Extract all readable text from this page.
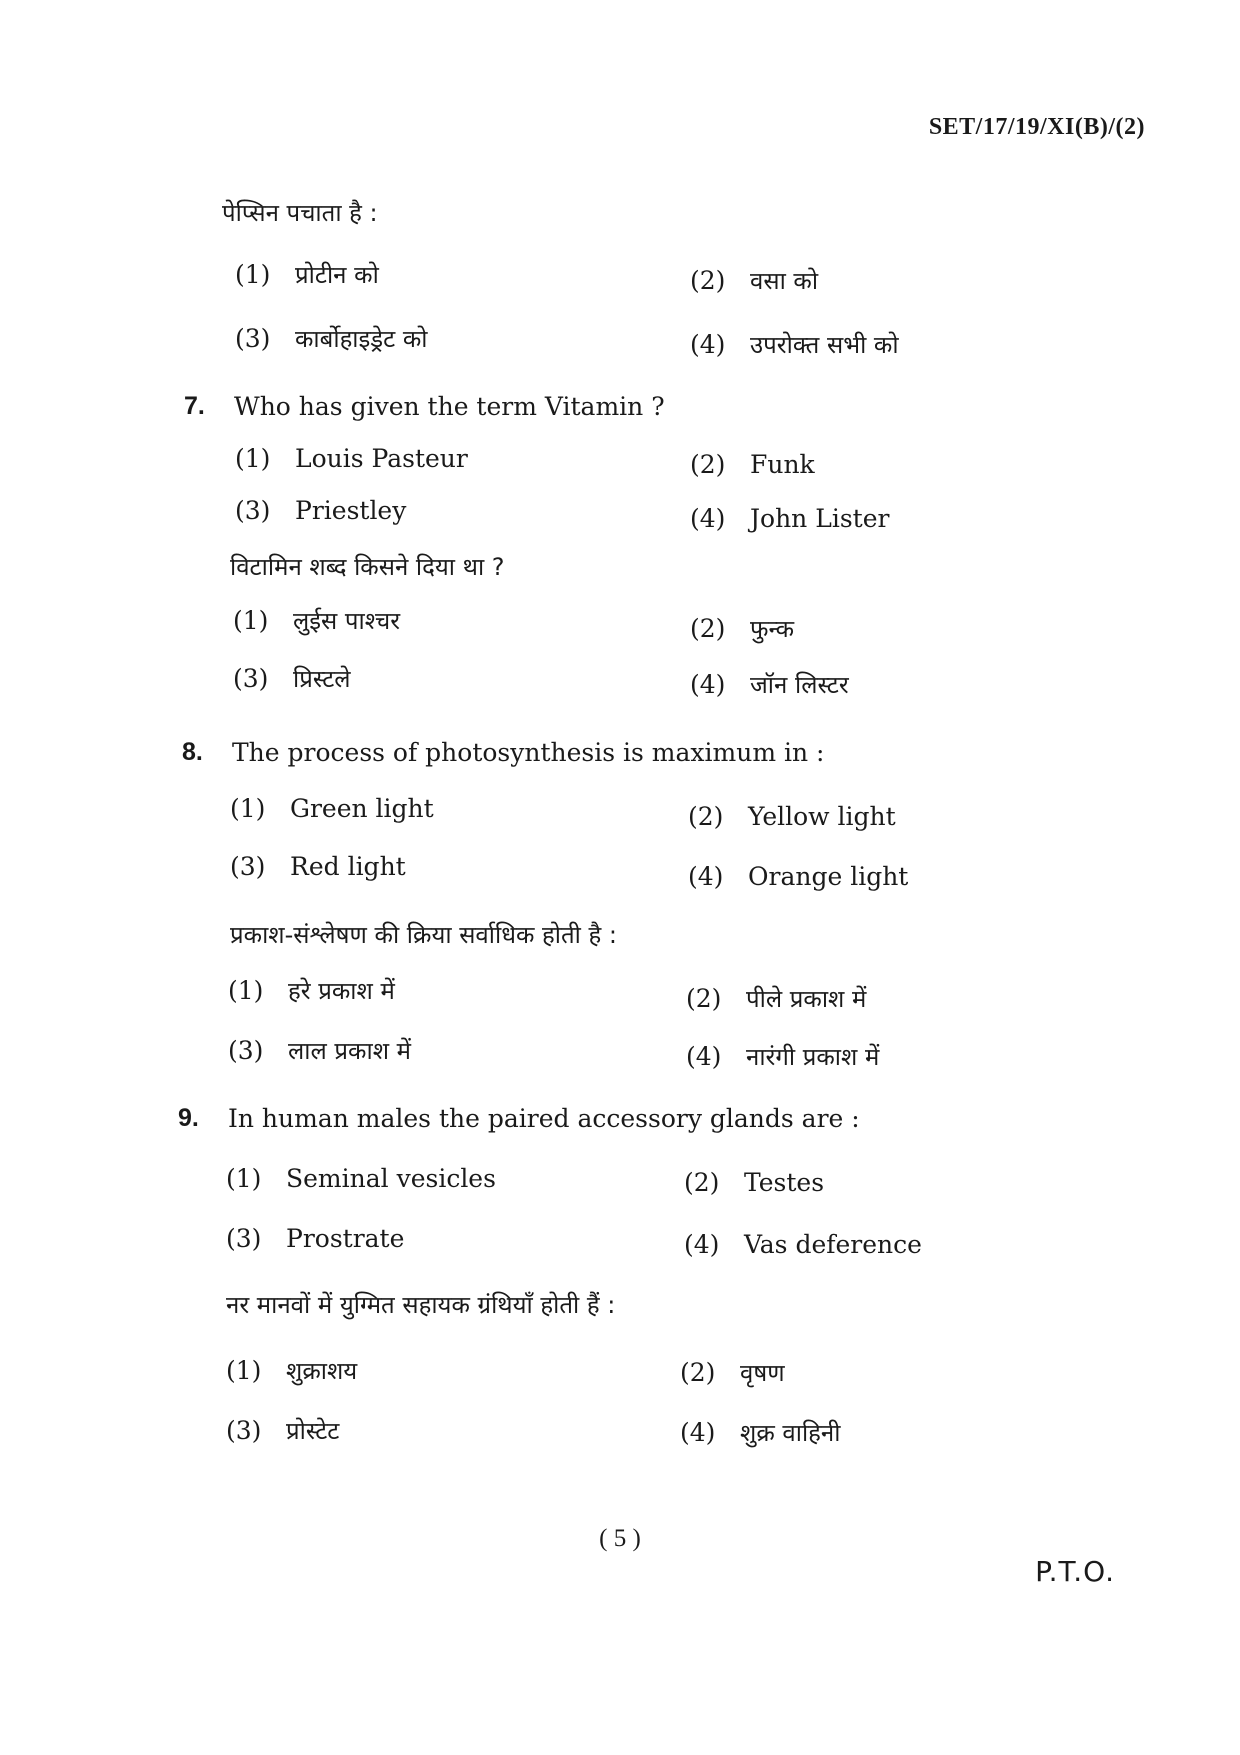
SET/17/19/XI(B)/(2)
पेप्सिन पचाता है :
(1) प्रोटीन को	(2) वसा को
(3) कार्बोहाइड्रेट को	(4) उपरोक्त सभी को
7. Who has given the term Vitamin ?
(1) Louis Pasteur	(2) Funk
(3) Priestley	(4) John Lister
विटामिन शब्द किसने दिया था ?
(1) लुईस पाश्चर	(2) फुन्क
(3) प्रिस्टले	(4) जॉन लिस्टर
8. The process of photosynthesis is maximum in :
(1) Green light	(2) Yellow light
(3) Red light	(4) Orange light
प्रकाश-संश्लेषण की क्रिया सर्वाधिक होती है :
(1) हरे प्रकाश में	(2) पीले प्रकाश में
(3) लाल प्रकाश में	(4) नारंगी प्रकाश में
9. In human males the paired accessory glands are :
(1) Seminal vesicles	(2) Testes
(3) Prostrate	(4) Vas deference
नर मानवों में युग्मित सहायक ग्रंथियाँ होती हैं :
(1) शुक्राशय	(2) वृषण
(3) प्रोस्टेट	(4) शुक्र वाहिनी
( 5 )
P.T.O.
